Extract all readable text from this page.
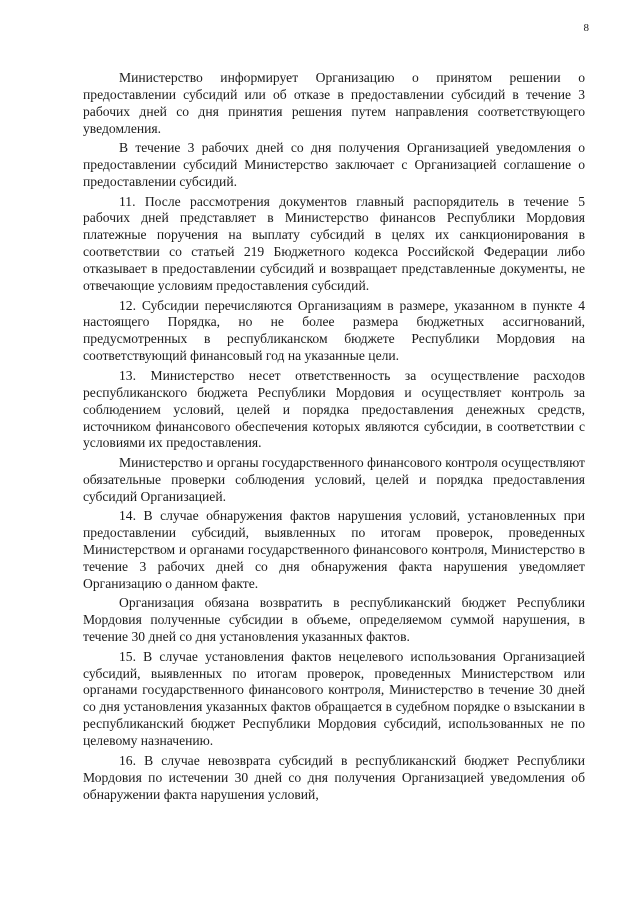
8

Министерство информирует Организацию о принятом решении о предоставлении субсидий или об отказе в предоставлении субсидий в течение 3 рабочих дней со дня принятия решения путем направления соответствующего уведомления.

В течение 3 рабочих дней со дня получения Организацией уведомления о предоставлении субсидий Министерство заключает с Организацией соглашение о предоставлении субсидий.

11. После рассмотрения документов главный распорядитель в течение 5 рабочих дней представляет в Министерство финансов Республики Мордовия платежные поручения на выплату субсидий в целях их санкционирования в соответствии со статьей 219 Бюджетного кодекса Российской Федерации либо отказывает в предоставлении субсидий и возвращает представленные документы, не отвечающие условиям предоставления субсидий.

12. Субсидии перечисляются Организациям в размере, указанном в пункте 4 настоящего Порядка, но не более размера бюджетных ассигнований, предусмотренных в республиканском бюджете Республики Мордовия на соответствующий финансовый год на указанные цели.

13. Министерство несет ответственность за осуществление расходов республиканского бюджета Республики Мордовия и осуществляет контроль за соблюдением условий, целей и порядка предоставления денежных средств, источником финансового обеспечения которых являются субсидии, в соответствии с условиями их предоставления.

Министерство и органы государственного финансового контроля осуществляют обязательные проверки соблюдения условий, целей и порядка предоставления субсидий Организацией.

14. В случае обнаружения фактов нарушения условий, установленных при предоставлении субсидий, выявленных по итогам проверок, проведенных Министерством и органами государственного финансового контроля, Министерство в течение 3 рабочих дней со дня обнаружения факта нарушения уведомляет Организацию о данном факте.

Организация обязана возвратить в республиканский бюджет Республики Мордовия полученные субсидии в объеме, определяемом суммой нарушения, в течение 30 дней со дня установления указанных фактов.

15. В случае установления фактов нецелевого использования Организацией субсидий, выявленных по итогам проверок, проведенных Министерством или органами государственного финансового контроля, Министерство в течение 30 дней со дня установления указанных фактов обращается в судебном порядке о взыскании в республиканский бюджет Республики Мордовия субсидий, использованных не по целевому назначению.

16. В случае невозврата субсидий в республиканский бюджет Республики Мордовия по истечении 30 дней со дня получения Организацией уведомления об обнаружении факта нарушения условий,
